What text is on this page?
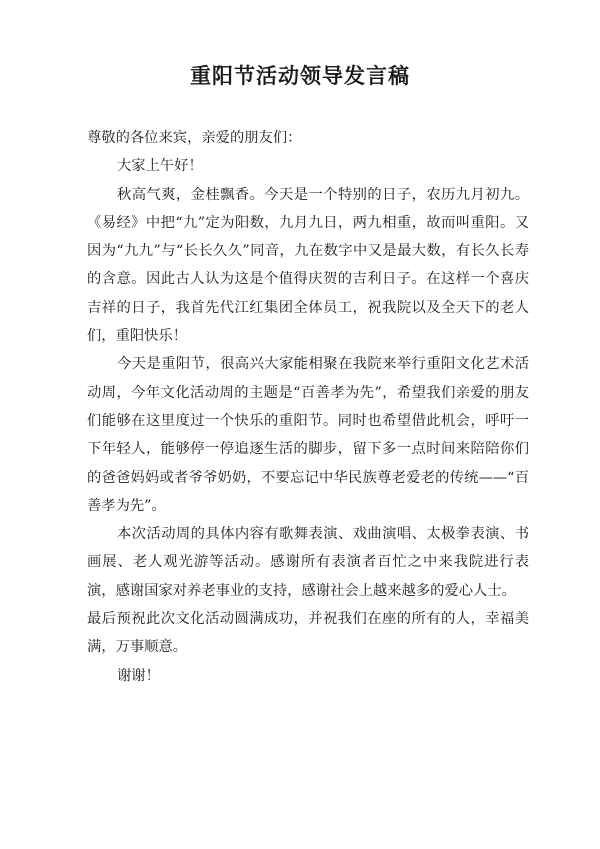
重阳节活动领导发言稿

尊敬的各位来宾，亲爱的朋友们：

大家上午好！

秋高气爽，金桂飘香。今天是一个特别的日子，农历九月初九。《易经》中把“九”定为阳数，九月九日，两九相重，故而叫重阳。又因为“九九”与“长长久久”同音，九在数字中又是最大数，有长久长寿的含意。因此古人认为这是个值得庆贺的吉利日子。在这样一个喜庆吉祥的日子，我首先代江红集团全体员工，祝我院以及全天下的老人们，重阳快乐！

今天是重阳节，很高兴大家能相聚在我院来举行重阳文化艺术活动周，今年文化活动周的主题是“百善孝为先”，希望我们亲爱的朋友们能够在这里度过一个快乐的重阳节。同时也希望借此机会，呼吁一下年轻人，能够停一停追逐生活的脚步，留下多一点时间来陪陪你们的爸爸妈妈或者爷爷奶奶，不要忘记中华民族尊老爱老的传统——“百善孝为先”。

本次活动周的具体内容有歌舞表演、戏曲演唱、太极拳表演、书画展、老人观光游等活动。感谢所有表演者百忙之中来我院进行表演，感谢国家对养老事业的支持，感谢社会上越来越多的爱心人士。

最后预祝此次文化活动圆满成功，并祝我们在座的所有的人，幸福美满，万事顺意。

谢谢！
